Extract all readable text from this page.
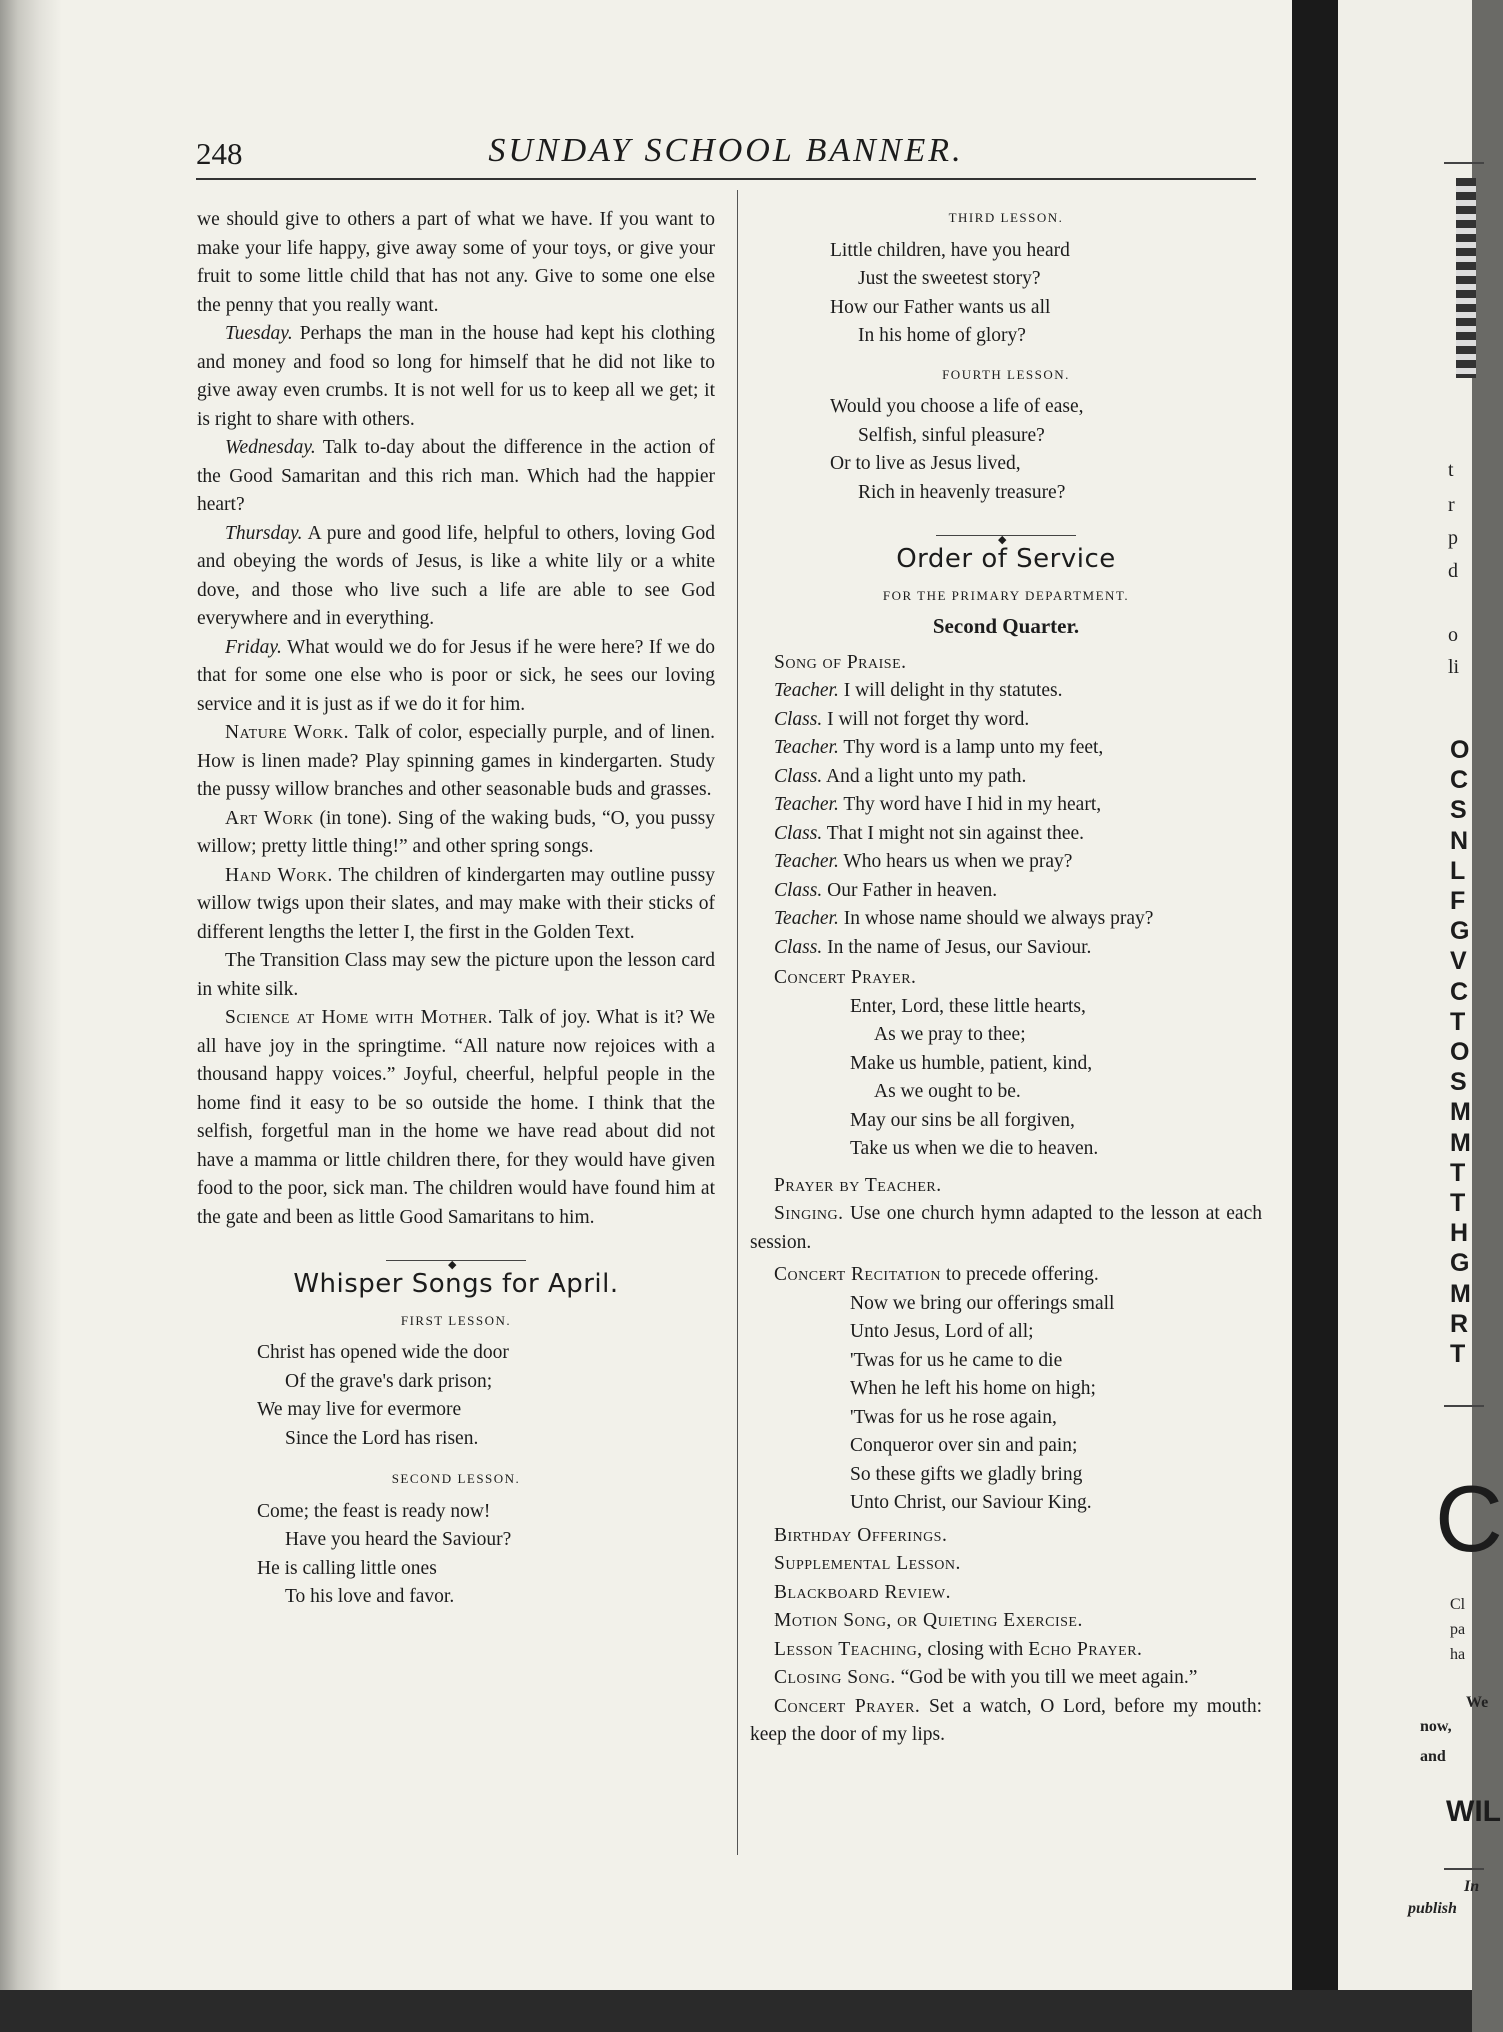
248	SUNDAY SCHOOL BANNER.

we should give to others a part of what we have. If you want to make your life happy, give away some of your toys, or give your fruit to some little child that has not any. Give to some one else the penny that you really want.

Tuesday. Perhaps the man in the house had kept his clothing and money and food so long for himself that he did not like to give away even crumbs. It is not well for us to keep all we get; it is right to share with others.

Wednesday. Talk to-day about the difference in the action of the Good Samaritan and this rich man. Which had the happier heart?

Thursday. A pure and good life, helpful to others, loving God and obeying the words of Jesus, is like a white lily or a white dove, and those who live such a life are able to see God everywhere and in everything.

Friday. What would we do for Jesus if he were here? If we do that for some one else who is poor or sick, he sees our loving service and it is just as if we do it for him.

Nature Work. Talk of color, especially purple, and of linen. How is linen made? Play spinning games in kindergarten. Study the pussy willow branches and other seasonable buds and grasses.

Art Work (in tone). Sing of the waking buds, “O, you pussy willow; pretty little thing!” and other spring songs.

Hand Work. The children of kindergarten may outline pussy willow twigs upon their slates, and may make with their sticks of different lengths the letter I, the first in the Golden Text.

The Transition Class may sew the picture upon the lesson card in white silk.

Science at Home with Mother. Talk of joy. What is it? We all have joy in the springtime. “All nature now rejoices with a thousand happy voices.” Joyful, cheerful, helpful people in the home find it easy to be so outside the home. I think that the selfish, forgetful man in the home we have read about did not have a mamma or little children there, for they would have given food to the poor, sick man. The children would have found him at the gate and been as little Good Samaritans to him.

◆
Whisper Songs for April.
FIRST LESSON.
Christ has opened wide the door
Of the grave's dark prison;
We may live for evermore
Since the Lord has risen.
SECOND LESSON.
Come; the feast is ready now!
Have you heard the Saviour?
He is calling little ones
To his love and favor.
THIRD LESSON.
Little children, have you heard
Just the sweetest story?
How our Father wants us all
In his home of glory?
FOURTH LESSON.
Would you choose a life of ease,
Selfish, sinful pleasure?
Or to live as Jesus lived,
Rich in heavenly treasure?
◆
Order of Service
FOR THE PRIMARY DEPARTMENT.
Second Quarter.

Song of Praise.

Teacher. I will delight in thy statutes.

Class. I will not forget thy word.

Teacher. Thy word is a lamp unto my feet,

Class. And a light unto my path.

Teacher. Thy word have I hid in my heart,

Class. That I might not sin against thee.

Teacher. Who hears us when we pray?

Class. Our Father in heaven.

Teacher. In whose name should we always pray?

Class. In the name of Jesus, our Saviour.

Concert Prayer.

Enter, Lord, these little hearts,
As we pray to thee;
Make us humble, patient, kind,
As we ought to be.
May our sins be all forgiven,
Take us when we die to heaven.

Prayer by Teacher.

Singing. Use one church hymn adapted to the lesson at each session.

Concert Recitation to precede offering.

Now we bring our offerings small
Unto Jesus, Lord of all;
'Twas for us he came to die
When he left his home on high;
'Twas for us he rose again,
Conqueror over sin and pain;
So these gifts we gladly bring
Unto Christ, our Saviour King.

Birthday Offerings.

Supplemental Lesson.

Blackboard Review.

Motion Song, or Quieting Exercise.

Lesson Teaching, closing with Echo Prayer.

Closing Song. “God be with you till we meet again.”

Concert Prayer. Set a watch, O Lord, before my mouth: keep the door of my lips.

t
r
p
d
o
li
O
C
S
N
L
F
G
V
C
T
O
S
M
M
T
T
H
G
M
R
T
C
Cl
pa
ha
We
now, and
WIL
In
publish
